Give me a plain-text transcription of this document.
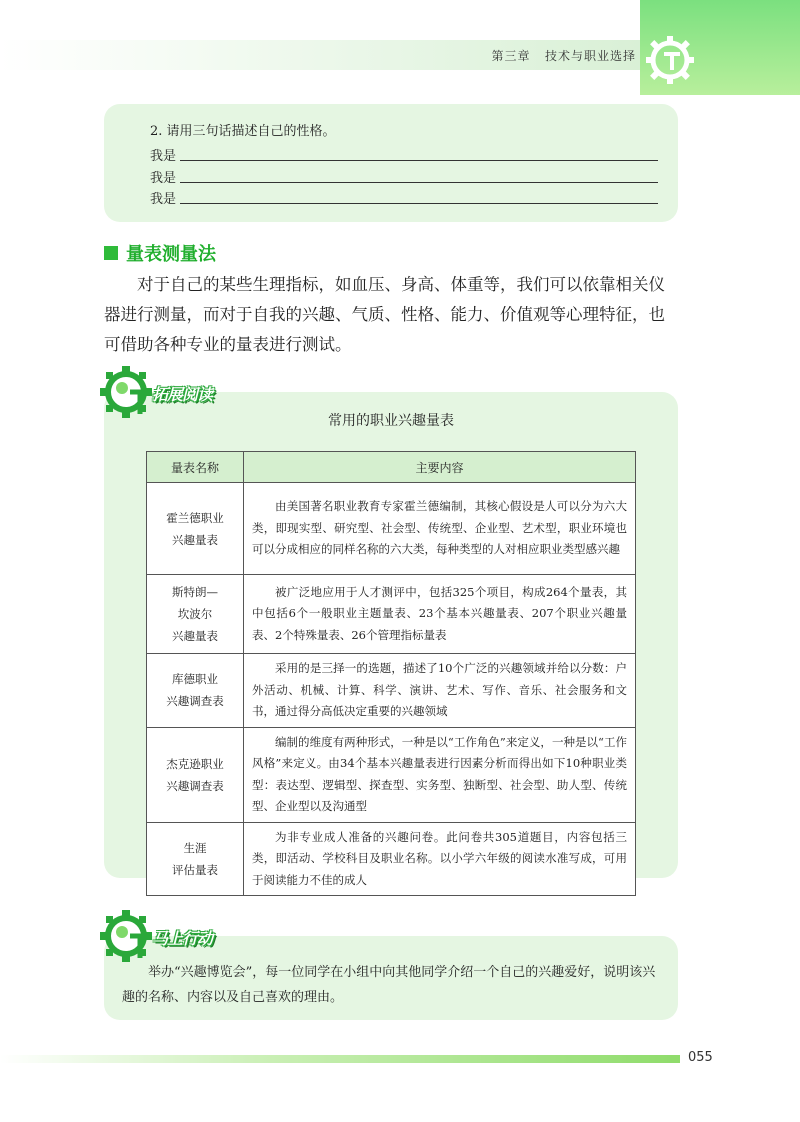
第三章 技术与职业选择
2. 请用三句话描述自己的性格。
我是
我是
我是
量表测量法

对于自己的某些生理指标，如血压、身高、体重等，我们可以依靠相关仪器进行测量，而对于自我的兴趣、气质、性格、能力、价值观等心理特征，也可借助各种专业的量表进行测试。

拓展阅读
常用的职业兴趣量表
量表名称	主要内容
霍兰德职业
兴趣量表	由美国著名职业教育专家霍兰德编制，其核心假设是人可以分为六大类，即现实型、研究型、社会型、传统型、企业型、艺术型，职业环境也可以分成相应的同样名称的六大类，每种类型的人对相应职业类型感兴趣
斯特朗—
坎波尔
兴趣量表	被广泛地应用于人才测评中，包括325个项目，构成264个量表，其中包括6个一般职业主题量表、23个基本兴趣量表、207个职业兴趣量表、2个特殊量表、26个管理指标量表
库德职业
兴趣调查表	采用的是三择一的选题，描述了10个广泛的兴趣领域并给以分数：户外活动、机械、计算、科学、演讲、艺术、写作、音乐、社会服务和文书，通过得分高低决定重要的兴趣领域
杰克逊职业
兴趣调查表	编制的维度有两种形式，一种是以“工作角色”来定义，一种是以“工作风格”来定义。由34个基本兴趣量表进行因素分析而得出如下10种职业类型：表达型、逻辑型、探查型、实务型、独断型、社会型、助人型、传统型、企业型以及沟通型
生涯
评估量表	为非专业成人准备的兴趣问卷。此问卷共305道题目，内容包括三类，即活动、学校科目及职业名称。以小学六年级的阅读水准写成，可用于阅读能力不佳的成人
马上行动

举办“兴趣博览会”，每一位同学在小组中向其他同学介绍一个自己的兴趣爱好，说明该兴趣的名称、内容以及自己喜欢的理由。

055
